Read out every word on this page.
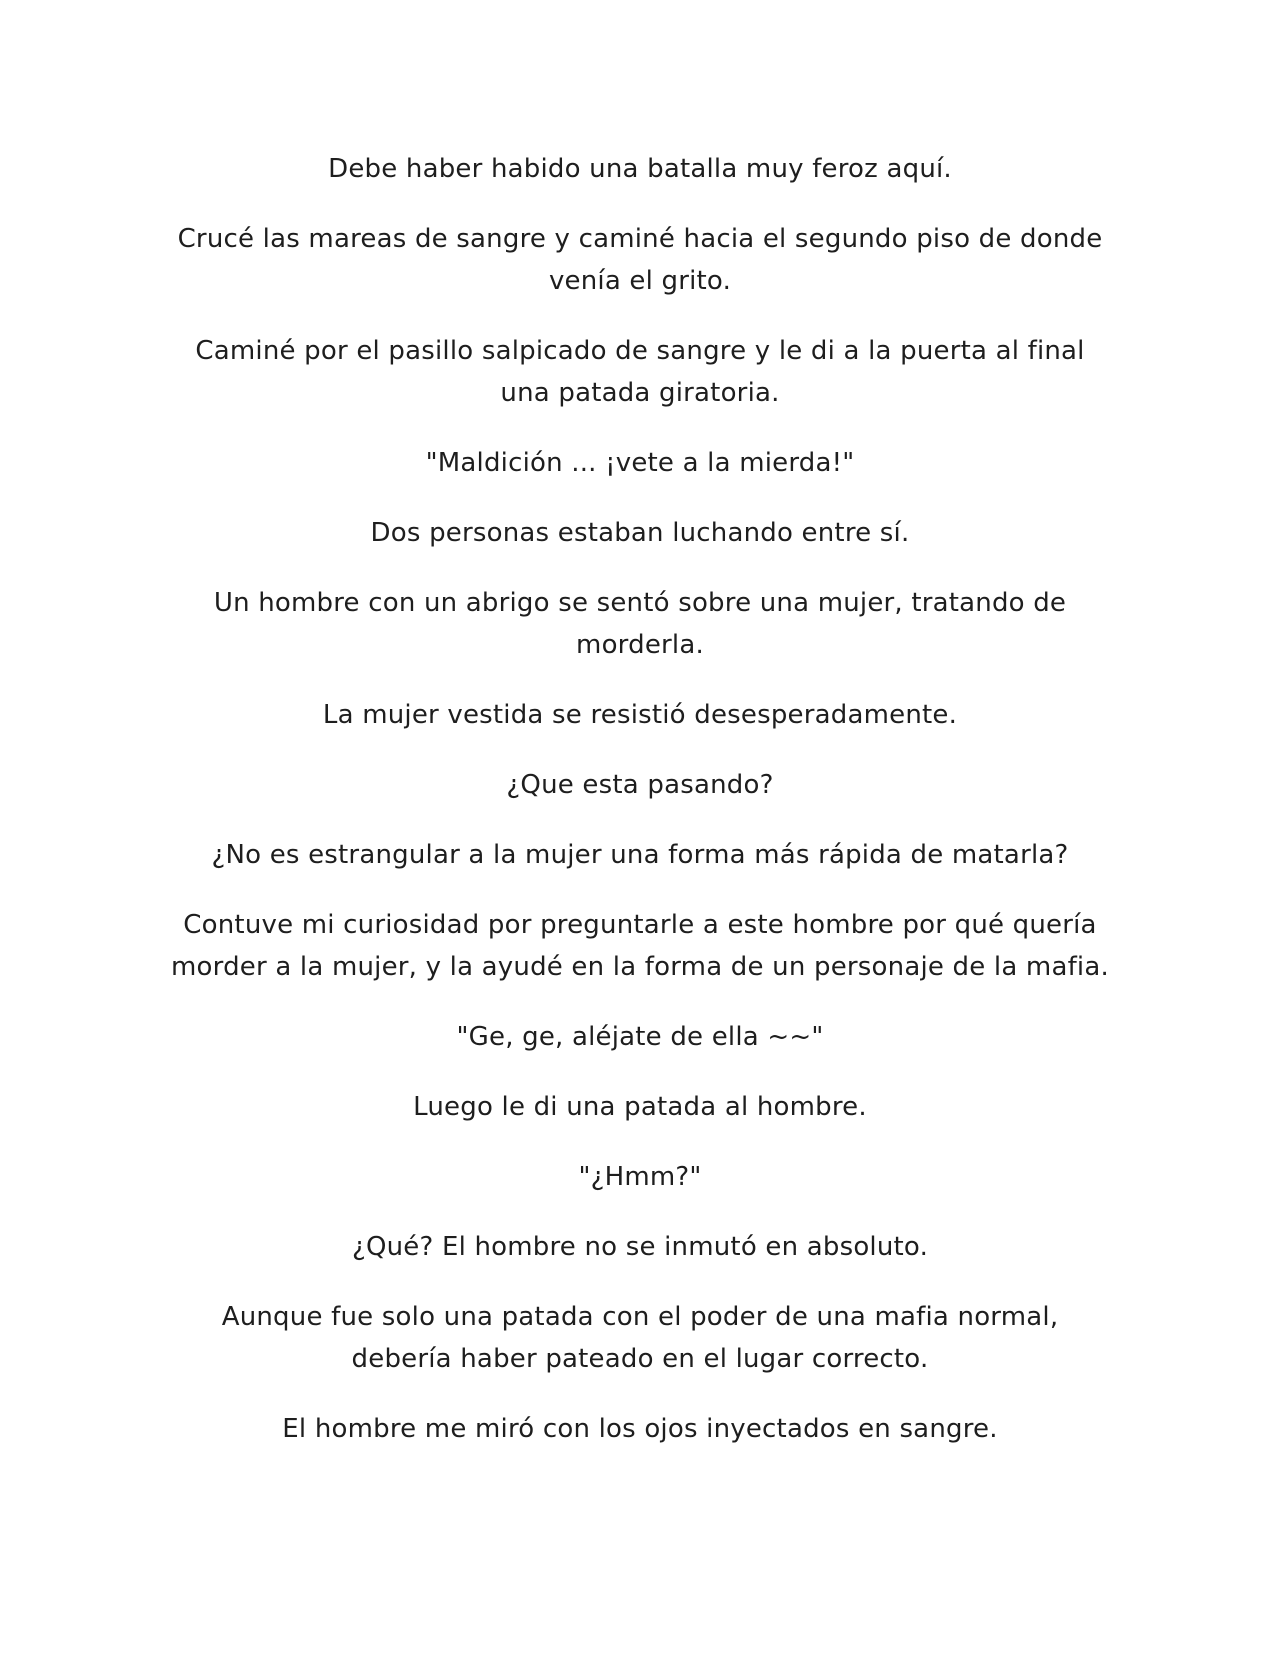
Debe haber habido una batalla muy feroz aquí.

Crucé las mareas de sangre y caminé hacia el segundo piso de donde venía el grito.

Caminé por el pasillo salpicado de sangre y le di a la puerta al final una patada giratoria.

"Maldición ... ¡vete a la mierda!"

Dos personas estaban luchando entre sí.

Un hombre con un abrigo se sentó sobre una mujer, tratando de morderla.

La mujer vestida se resistió desesperadamente.

¿Que esta pasando?

¿No es estrangular a la mujer una forma más rápida de matarla?

Contuve mi curiosidad por preguntarle a este hombre por qué quería morder a la mujer, y la ayudé en la forma de un personaje de la mafia.

"Ge, ge, aléjate de ella ~~"

Luego le di una patada al hombre.

"¿Hmm?"

¿Qué? El hombre no se inmutó en absoluto.

Aunque fue solo una patada con el poder de una mafia normal, debería haber pateado en el lugar correcto.

El hombre me miró con los ojos inyectados en sangre.
